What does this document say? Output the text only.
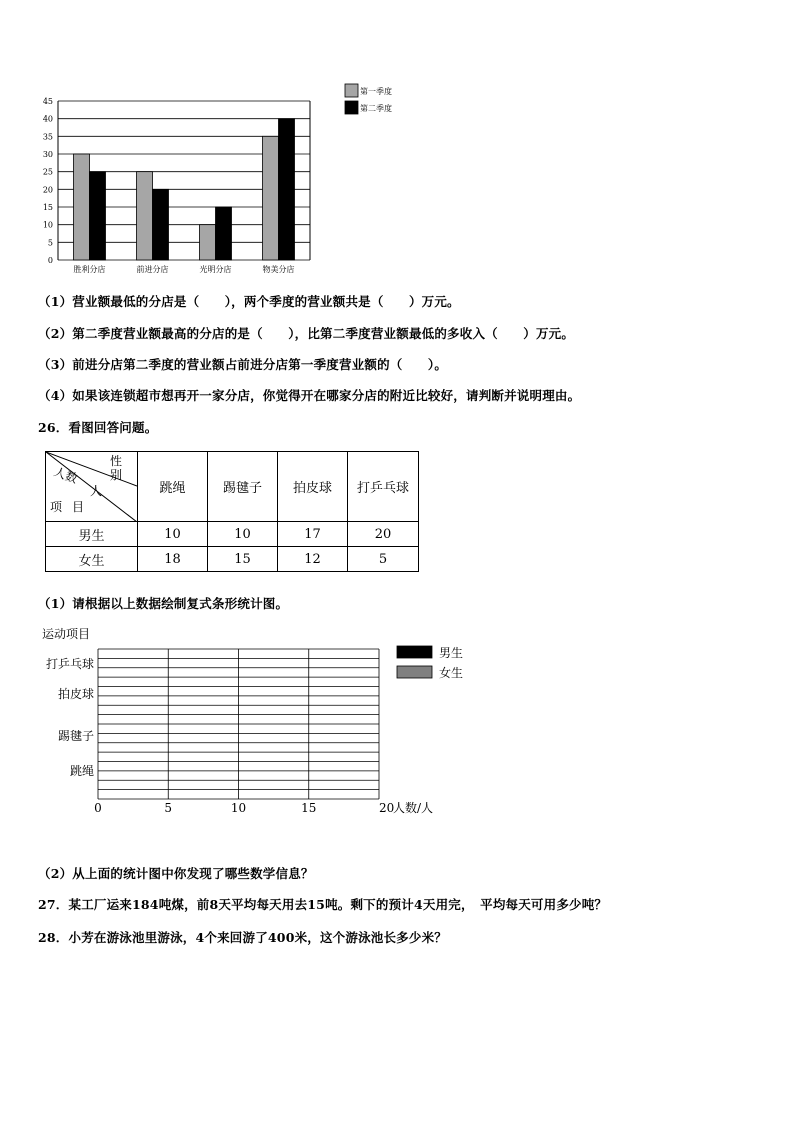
0
5
10
15
20
25
30
35
40
45
胜利分店	前进分店	光明分店	物美分店
第一季度
第二季度
（1）营业额最低的分店是（　　），两个季度的营业额共是（　　）万元。
（2）第二季度营业额最高的分店的是（　　），比第二季度营业额最低的多收入（　　）万元。
（3）前进分店第二季度的营业额占前进分店第一季度营业额的（　　）。
（4）如果该连锁超市想再开一家分店，你觉得开在哪家分店的附近比较好，请判断并说明理由。
26．看图回答问题。
性别
人数
人
项目	跳绳	踢毽子	拍皮球	打乒乓球
男生	10	10	17	20
女生	18	15	12	5
（1）请根据以上数据绘制复式条形统计图。
0	5	10	15	20
人数/人
运动项目
打乒乓球
拍皮球
踢毽子
跳绳
男生
女生
（2）从上面的统计图中你发现了哪些数学信息？
27．某工厂运来184吨煤，前8天平均每天用去15吨。剩下的预计4天用完，　平均每天可用多少吨？
28．小芳在游泳池里游泳，4个来回游了400米，这个游泳池长多少米？
